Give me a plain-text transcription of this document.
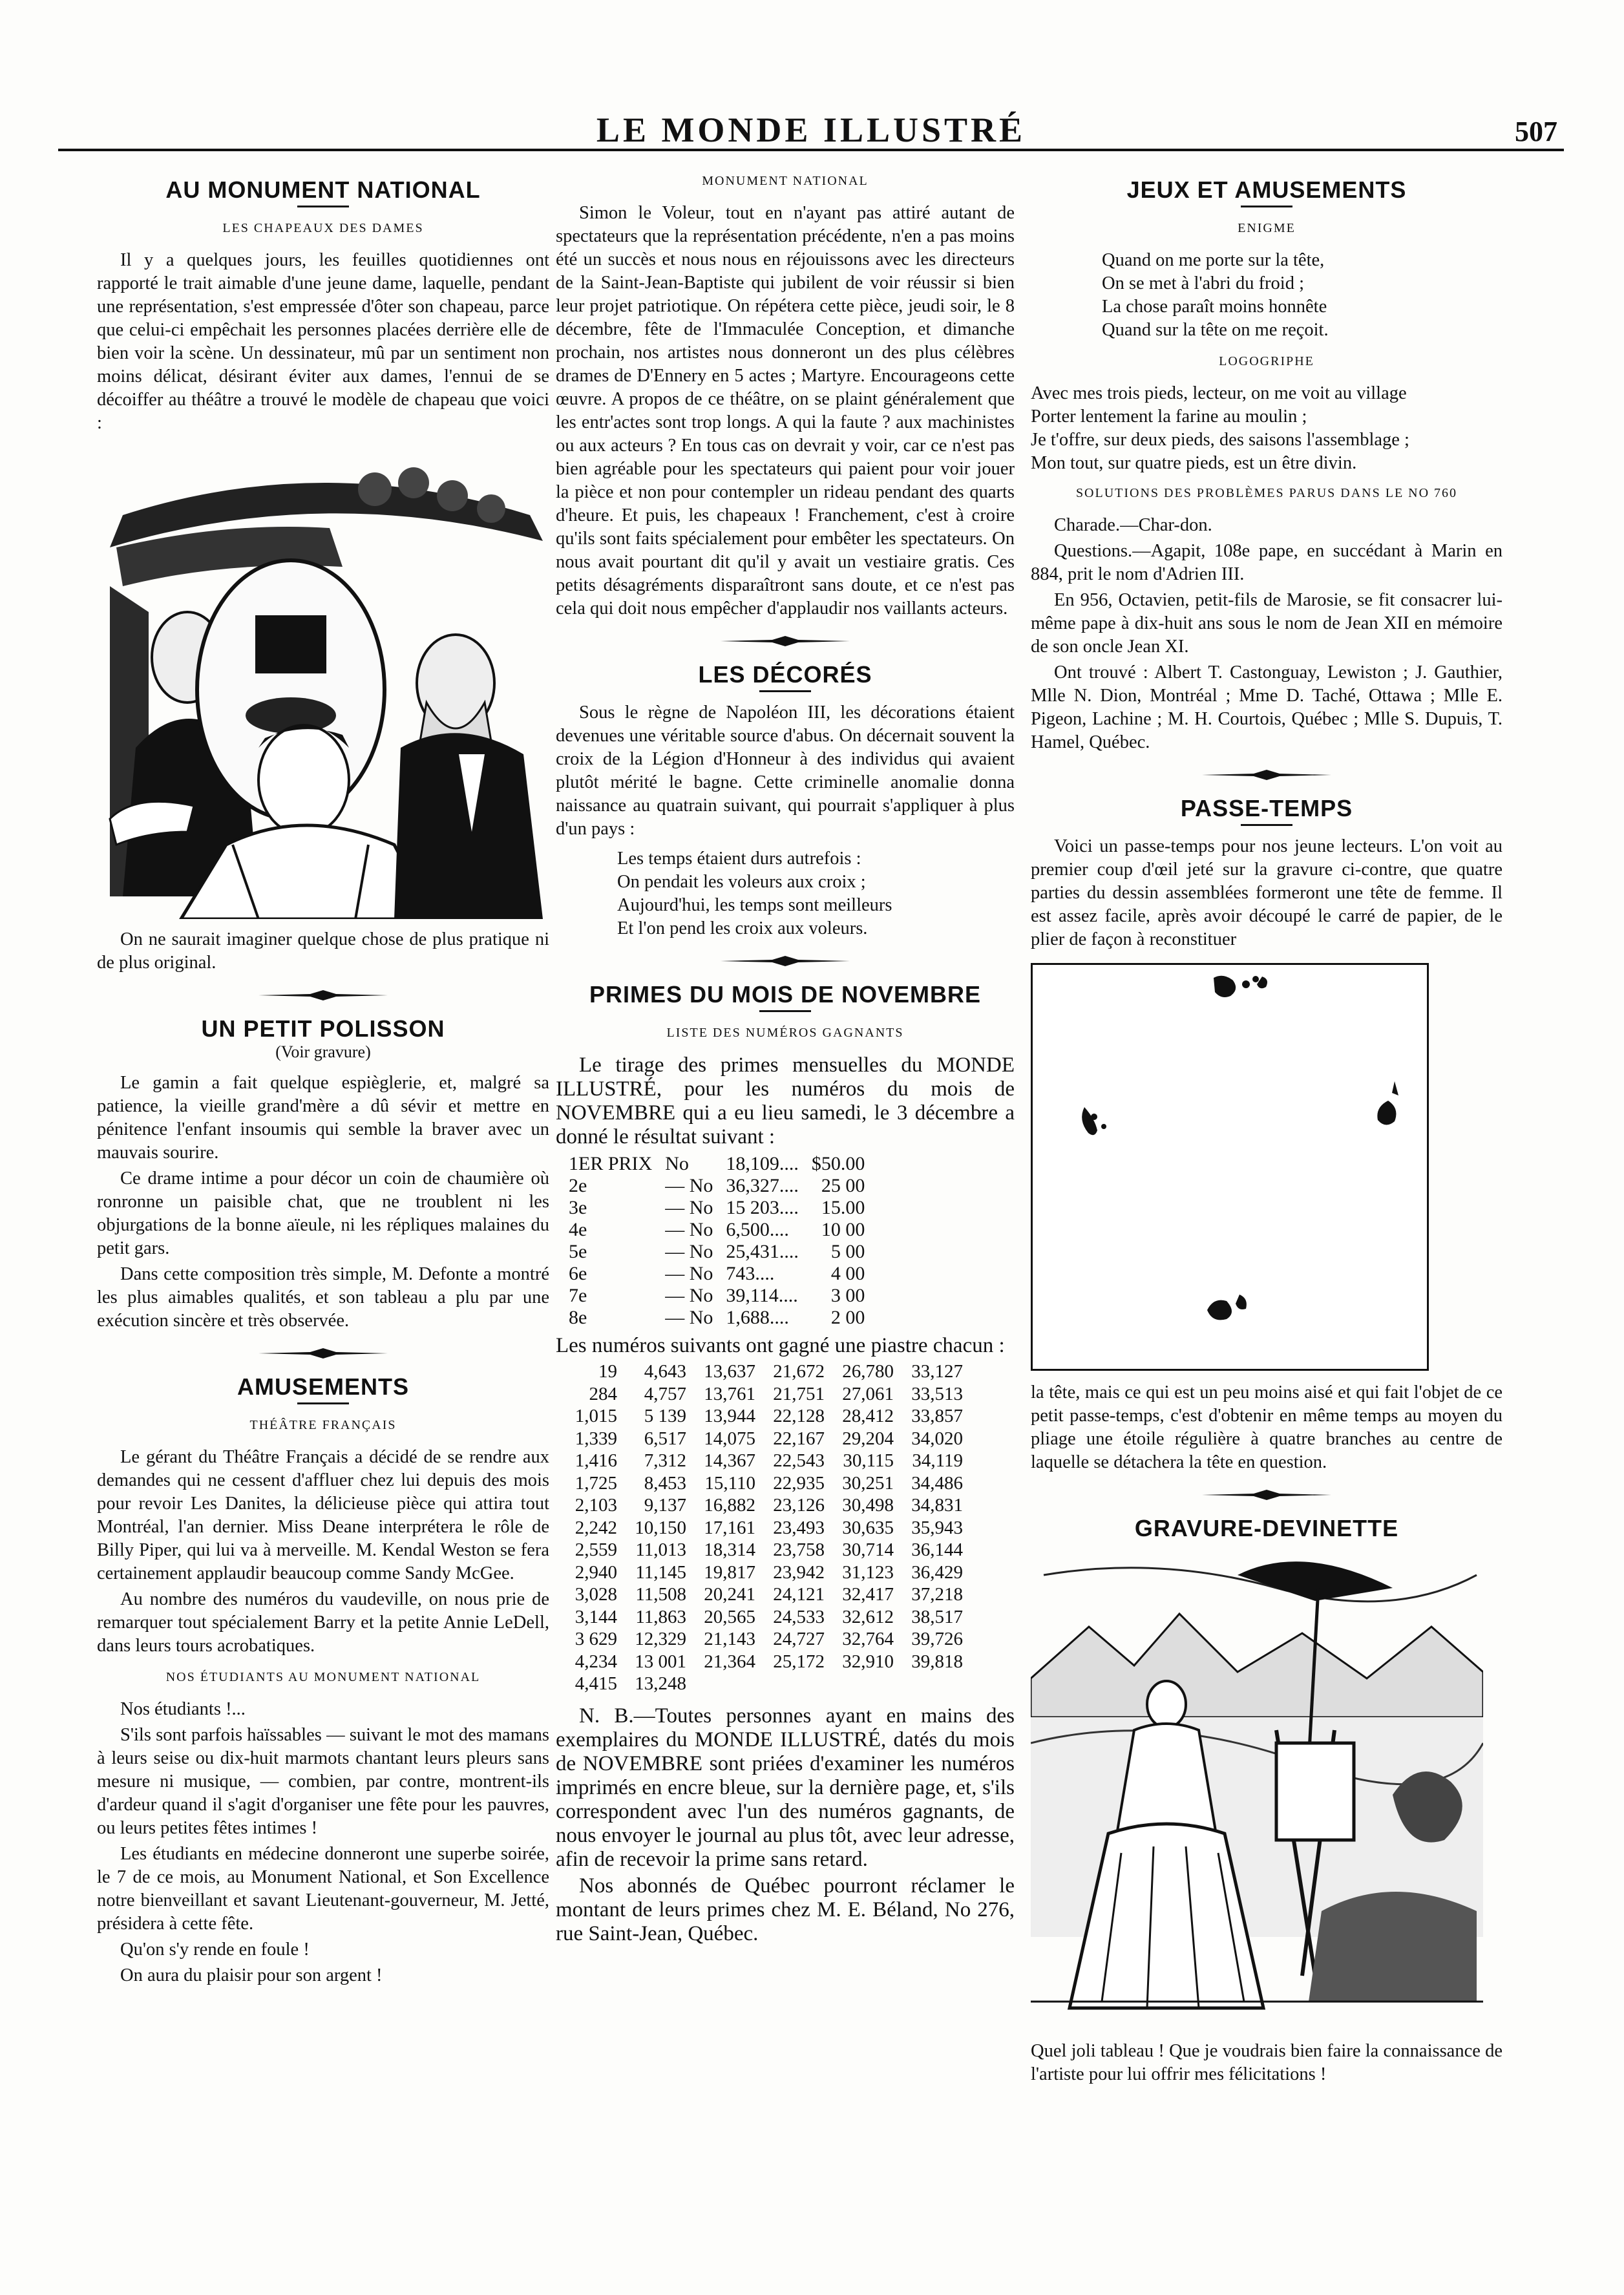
LE MONDE ILLUSTRÉ	507
AU MONUMENT NATIONAL
LES CHAPEAUX DES DAMES

Il y a quelques jours, les feuilles quotidiennes ont rapporté le trait aimable d'une jeune dame, laquelle, pendant une représentation, s'est empressée d'ôter son chapeau, parce que celui-ci empêchait les personnes placées derrière elle de bien voir la scène. Un dessinateur, mû par un sentiment non moins délicat, désirant éviter aux dames, l'ennui de se décoiffer au théâtre a trouvé le modèle de chapeau que voici :

On ne saurait imaginer quelque chose de plus pratique ni de plus original.

UN PETIT POLISSON
(Voir gravure)

Le gamin a fait quelque espièglerie, et, malgré sa patience, la vieille grand'mère a dû sévir et mettre en pénitence l'enfant insoumis qui semble la braver avec un mauvais sourire.

Ce drame intime a pour décor un coin de chaumière où ronronne un paisible chat, que ne troublent ni les objurgations de la bonne aïeule, ni les répliques malaines du petit gars.

Dans cette composition très simple, M. Defonte a montré les plus aimables qualités, et son tableau a plu par une exécution sincère et très observée.

AMUSEMENTS
THÉÂTRE FRANÇAIS

Le gérant du Théâtre Français a décidé de se rendre aux demandes qui ne cessent d'affluer chez lui depuis des mois pour revoir Les Danites, la délicieuse pièce qui attira tout Montréal, l'an dernier. Miss Deane interprétera le rôle de Billy Piper, qui lui va à merveille. M. Kendal Weston se fera certainement applaudir beaucoup comme Sandy McGee.

Au nombre des numéros du vaudeville, on nous prie de remarquer tout spécialement Barry et la petite Annie LeDell, dans leurs tours acrobatiques.

NOS ÉTUDIANTS AU MONUMENT NATIONAL

Nos étudiants !...

S'ils sont parfois haïssables — suivant le mot des mamans à leurs seise ou dix-huit marmots chantant leurs pleurs sans mesure ni musique, — combien, par contre, montrent-ils d'ardeur quand il s'agit d'organiser une fête pour les pauvres, ou leurs petites fêtes intimes !

Les étudiants en médecine donneront une superbe soirée, le 7 de ce mois, au Monument National, et Son Excellence notre bienveillant et savant Lieutenant-gouverneur, M. Jetté, présidera à cette fête.

Qu'on s'y rende en foule !

On aura du plaisir pour son argent !

MONUMENT NATIONAL

Simon le Voleur, tout en n'ayant pas attiré autant de spectateurs que la représentation précédente, n'en a pas moins été un succès et nous nous en réjouissons avec les directeurs de la Saint-Jean-Baptiste qui jubilent de voir réussir si bien leur projet patriotique. On répétera cette pièce, jeudi soir, le 8 décembre, fête de l'Immaculée Conception, et dimanche prochain, nos artistes nous donneront un des plus célèbres drames de D'Ennery en 5 actes ; Martyre. Encourageons cette œuvre. A propos de ce théâtre, on se plaint généralement que les entr'actes sont trop longs. A qui la faute ? aux machinistes ou aux acteurs ? En tous cas on devrait y voir, car ce n'est pas bien agréable pour les spectateurs qui paient pour voir jouer la pièce et non pour contempler un rideau pendant des quarts d'heure. Et puis, les chapeaux ! Franchement, c'est à croire qu'ils sont faits spécialement pour embêter les spectateurs. On nous avait pourtant dit qu'il y avait un vestiaire gratis. Ces petits désagréments disparaîtront sans doute, et ce n'est pas cela qui doit nous empêcher d'applaudir nos vaillants acteurs.

LES DÉCORÉS

Sous le règne de Napoléon III, les décorations étaient devenues une véritable source d'abus. On décernait souvent la croix de la Légion d'Honneur à des individus qui avaient plutôt mérité le bagne. Cette criminelle anomalie donna naissance au quatrain suivant, qui pourrait s'appliquer à plus d'un pays :

Les temps étaient durs autrefois :
On pendait les voleurs aux croix ;
Aujourd'hui, les temps sont meilleurs
Et l'on pend les croix aux voleurs.
PRIMES DU MOIS DE NOVEMBRE
LISTE DES NUMÉROS GAGNANTS

Le tirage des primes mensuelles du MONDE ILLUSTRÉ, pour les numéros du mois de NOVEMBRE qui a eu lieu samedi, le 3 décembre a donné le résultat suivant :

1ER PRIX	No	18,109....	$50.00
2e	— No	36,327....	25 00
3e	— No	15 203....	15.00
4e	— No	6,500....	10 00
5e	— No	25,431....	5 00
6e	— No	743....	4 00
7e	— No	39,114....	3 00
8e	— No	1,688....	2 00

Les numéros suivants ont gagné une piastre chacun :

19	4,643	13,637	21,672	26,780	33,127
284	4,757	13,761	21,751	27,061	33,513
1,015	5 139	13,944	22,128	28,412	33,857
1,339	6,517	14,075	22,167	29,204	34,020
1,416	7,312	14,367	22,543	30,115	34,119
1,725	8,453	15,110	22,935	30,251	34,486
2,103	9,137	16,882	23,126	30,498	34,831
2,242	10,150	17,161	23,493	30,635	35,943
2,559	11,013	18,314	23,758	30,714	36,144
2,940	11,145	19,817	23,942	31,123	36,429
3,028	11,508	20,241	24,121	32,417	37,218
3,144	11,863	20,565	24,533	32,612	38,517
3 629	12,329	21,143	24,727	32,764	39,726
4,234	13 001	21,364	25,172	32,910	39,818
4,415	13,248				

N. B.—Toutes personnes ayant en mains des exemplaires du MONDE ILLUSTRÉ, datés du mois de NOVEMBRE sont priées d'examiner les numéros imprimés en encre bleue, sur la dernière page, et, s'ils correspondent avec l'un des numéros gagnants, de nous envoyer le journal au plus tôt, avec leur adresse, afin de recevoir la prime sans retard.

Nos abonnés de Québec pourront réclamer le montant de leurs primes chez M. E. Béland, No 276, rue Saint-Jean, Québec.

JEUX ET AMUSEMENTS
ENIGME
Quand on me porte sur la tête,
On se met à l'abri du froid ;
La chose paraît moins honnête
Quand sur la tête on me reçoit.
LOGOGRIPHE
Avec mes trois pieds, lecteur, on me voit au village
Porter lentement la farine au moulin ;
Je t'offre, sur deux pieds, des saisons l'assemblage ;
Mon tout, sur quatre pieds, est un être divin.
SOLUTIONS DES PROBLÈMES PARUS DANS LE NO 760

Charade.—Char-don.

Questions.—Agapit, 108e pape, en succédant à Marin en 884, prit le nom d'Adrien III.

En 956, Octavien, petit-fils de Marosie, se fit consacrer lui-même pape à dix-huit ans sous le nom de Jean XII en mémoire de son oncle Jean XI.

Ont trouvé : Albert T. Castonguay, Lewiston ; J. Gauthier, Mlle N. Dion, Montréal ; Mme D. Taché, Ottawa ; Mlle E. Pigeon, Lachine ; M. H. Courtois, Québec ; Mlle S. Dupuis, T. Hamel, Québec.

PASSE-TEMPS

Voici un passe-temps pour nos jeune lecteurs. L'on voit au premier coup d'œil jeté sur la gravure ci-contre, que quatre parties du dessin assemblées formeront une tête de femme. Il est assez facile, après avoir découpé le carré de papier, de le plier de façon à reconstituer

la tête, mais ce qui est un peu moins aisé et qui fait l'objet de ce petit passe-temps, c'est d'obtenir en même temps au moyen du pliage une étoile régulière à quatre branches au centre de laquelle se détachera la tête en question.

GRAVURE-DEVINETTE

Quel joli tableau ! Que je voudrais bien faire la connaissance de l'artiste pour lui offrir mes félicitations !
